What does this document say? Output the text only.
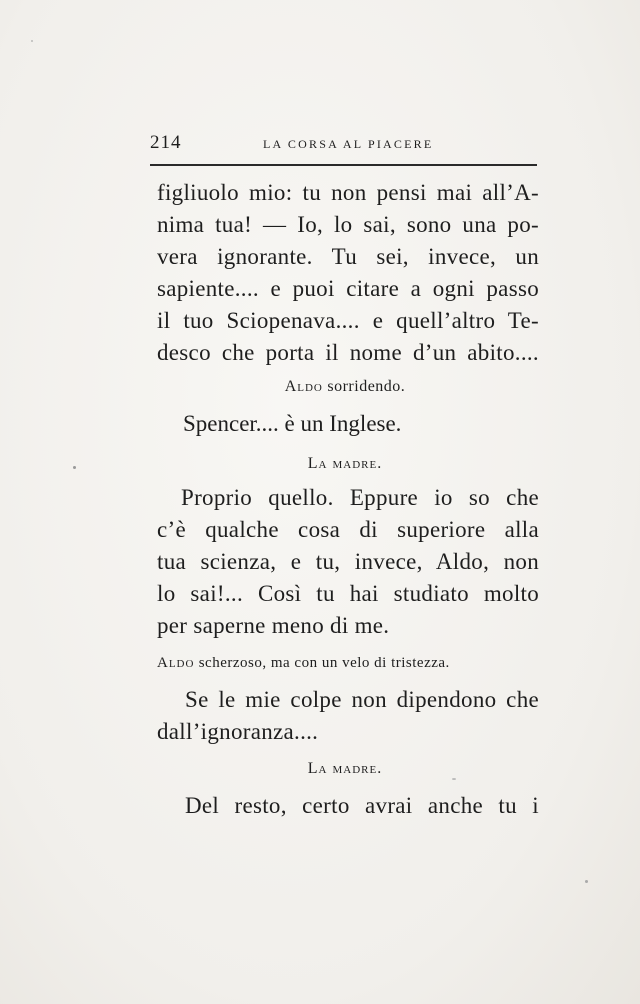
214	LA CORSA AL PIACERE
figliuolo mio: tu non pensi mai all’A-
nima tua! — Io, lo sai, sono una po-
vera ignorante. Tu sei, invece, un
sapiente.... e puoi citare a ogni passo
il tuo Sciopenava.... e quell’altro Te-
desco che porta il nome d’un abito....
Aldo sorridendo.
Spencer.... è un Inglese.
La madre.
Proprio quello. Eppure io so che
c’è qualche cosa di superiore alla
tua scienza, e tu, invece, Aldo, non
lo sai!... Così tu hai studiato molto
per saperne meno di me.
Aldo scherzoso, ma con un velo di tristezza.
Se le mie colpe non dipendono che
dall’ignoranza....
La madre.
Del resto, certo avrai anche tu i
